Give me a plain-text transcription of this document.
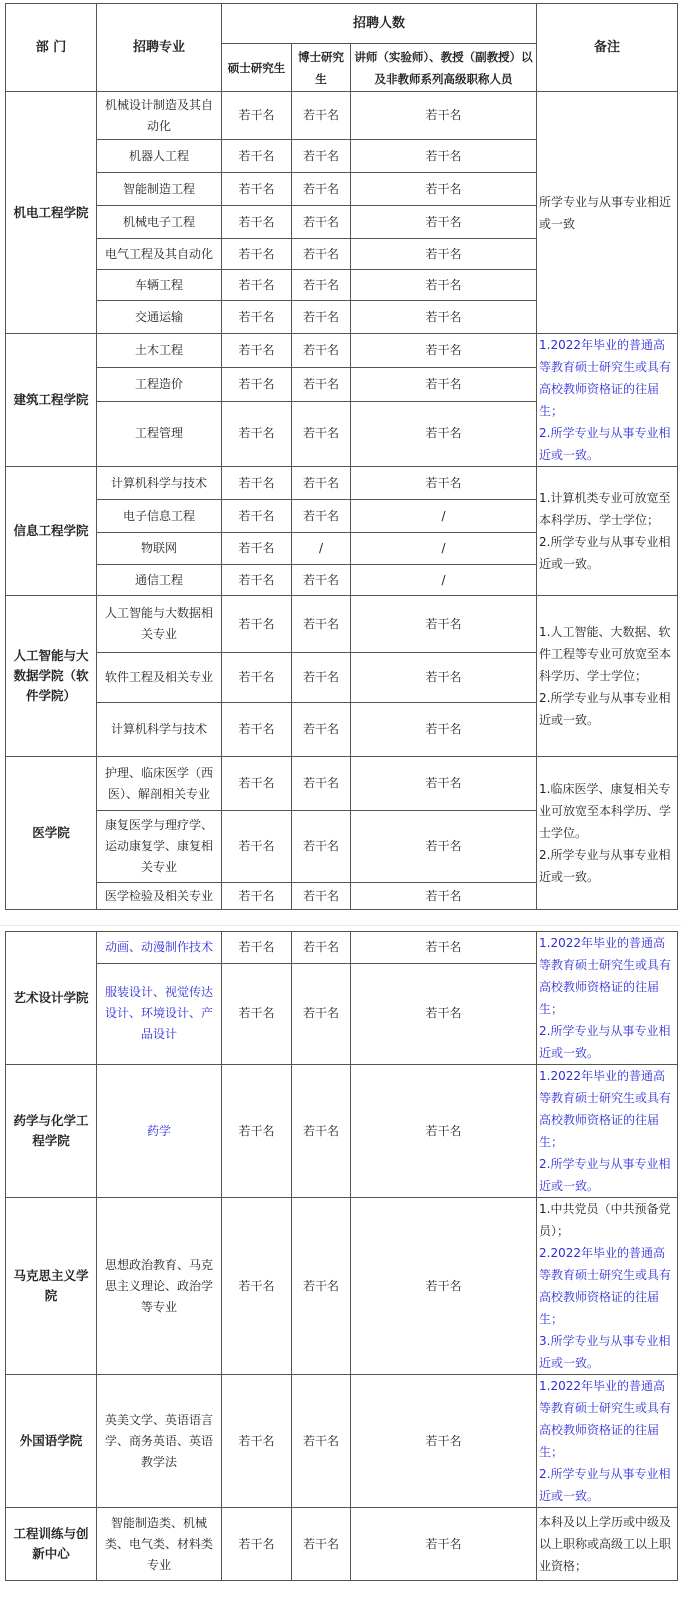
部 门	招聘专业	招聘人数			备注
		硕士研究生	博士研究生	讲师（实验师）、教授（副教授）以及非教师系列高级职称人员	
机电工程学院	机械设计制造及其自动化	若干名	若干名	若干名	所学专业与从事专业相近或一致

	机器人工程	若干名	若干名	若干名	
	智能制造工程	若干名	若干名	若干名	
	机械电子工程	若干名	若干名	若干名	
	电气工程及其自动化	若干名	若干名	若干名	
	车辆工程	若干名	若干名	若干名	
	交通运输	若干名	若干名	若干名	
建筑工程学院	土木工程	若干名	若干名	若干名	1.2022年毕业的普通高等教育硕士研究生或具有高校教师资格证的往届生；
2.所学专业与从事专业相近或一致。

	工程造价	若干名	若干名	若干名	
	工程管理	若干名	若干名	若干名	
信息工程学院	计算机科学与技术	若干名	若干名	若干名	1.计算机类专业可放宽至本科学历、学士学位；
2.所学专业与从事专业相近或一致。

	电子信息工程	若干名	若干名	/	
	物联网	若干名	/	/	
	通信工程	若干名	若干名	/	
人工智能与大数据学院（软件学院）	人工智能与大数据相关专业	若干名	若干名	若干名	1.人工智能、大数据、软件工程等专业可放宽至本科学历、学士学位；
2.所学专业与从事专业相近或一致。

	软件工程及相关专业	若干名	若干名	若干名	
	计算机科学与技术	若干名	若干名	若干名	
医学院	护理、临床医学（西医）、解剖相关专业	若干名	若干名	若干名	1.临床医学、康复相关专业可放宽至本科学历、学士学位。
2.所学专业与从事专业相近或一致。

	康复医学与理疗学、运动康复学、康复相关专业	若干名	若干名	若干名	
	医学检验及相关专业	若干名	若干名	若干名	
艺术设计学院	动画、动漫制作技术	若干名	若干名	若干名	1.2022年毕业的普通高等教育硕士研究生或具有高校教师资格证的往届生；
2.所学专业与从事专业相近或一致。

	服装设计、视觉传达设计、环境设计、产品设计	若干名	若干名	若干名	
药学与化学工程学院	药学	若干名	若干名	若干名	1.2022年毕业的普通高等教育硕士研究生或具有高校教师资格证的往届生；
2.所学专业与从事专业相近或一致。

马克思主义学院	思想政治教育、马克思主义理论、政治学等专业	若干名	若干名	若干名	1.中共党员（中共预备党员）；
2.2022年毕业的普通高等教育硕士研究生或具有高校教师资格证的往届生；
3.所学专业与从事专业相近或一致。

外国语学院	英美文学、英语语言学、商务英语、英语教学法	若干名	若干名	若干名	1.2022年毕业的普通高等教育硕士研究生或具有高校教师资格证的往届生；
2.所学专业与从事专业相近或一致。

工程训练与创新中心	智能制造类、机械类、电气类、材料类专业	若干名	若干名	若干名	本科及以上学历或中级及以上职称或高级工以上职业资格；
